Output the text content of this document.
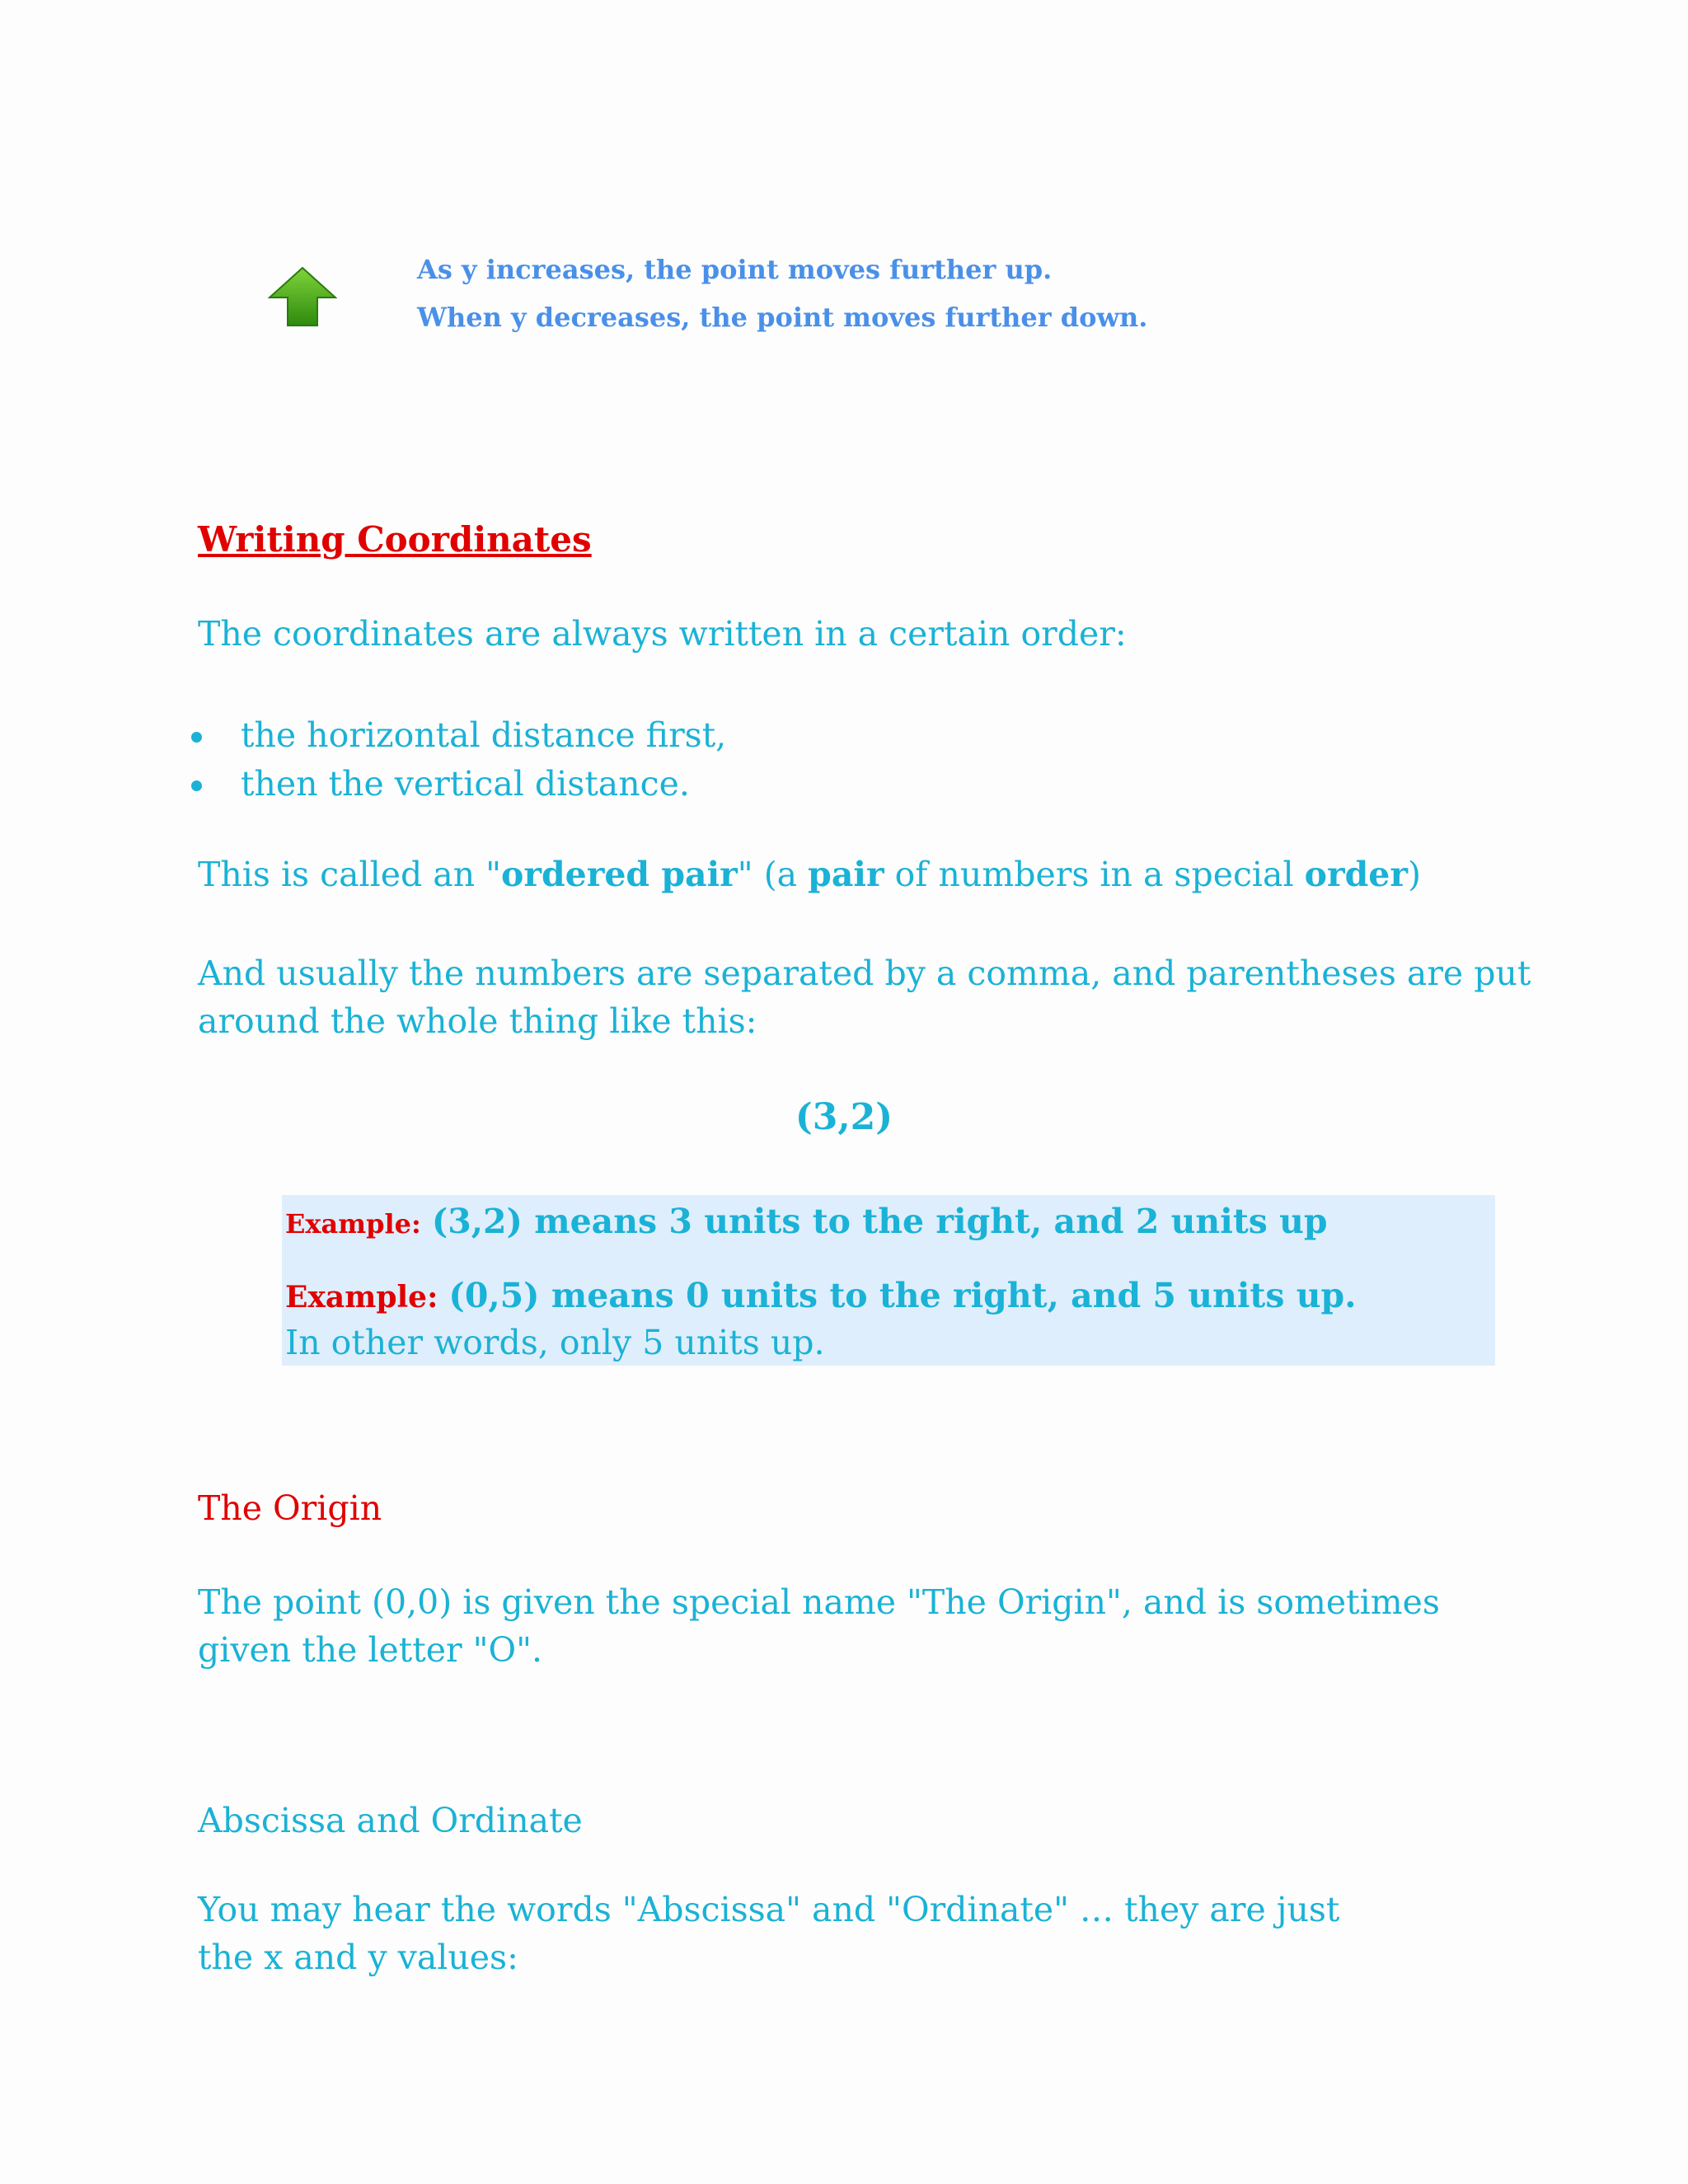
As y increases, the point moves further up.
When y decreases, the point moves further down.
Writing Coordinates
The coordinates are always written in a certain order:
the horizontal distance first,
then the vertical distance.
This is called an "ordered pair" (a pair of numbers in a special order)
And usually the numbers are separated by a comma, and parentheses are put
around the whole thing like this:
(3,2)
Example: (3,2) means 3 units to the right, and 2 units up
Example: (0,5) means 0 units to the right, and 5 units up.
In other words, only 5 units up.
The Origin
The point (0,0) is given the special name "The Origin", and is sometimes
given the letter "O".
Abscissa and Ordinate
You may hear the words "Abscissa" and "Ordinate" … they are just
the x and y values:
